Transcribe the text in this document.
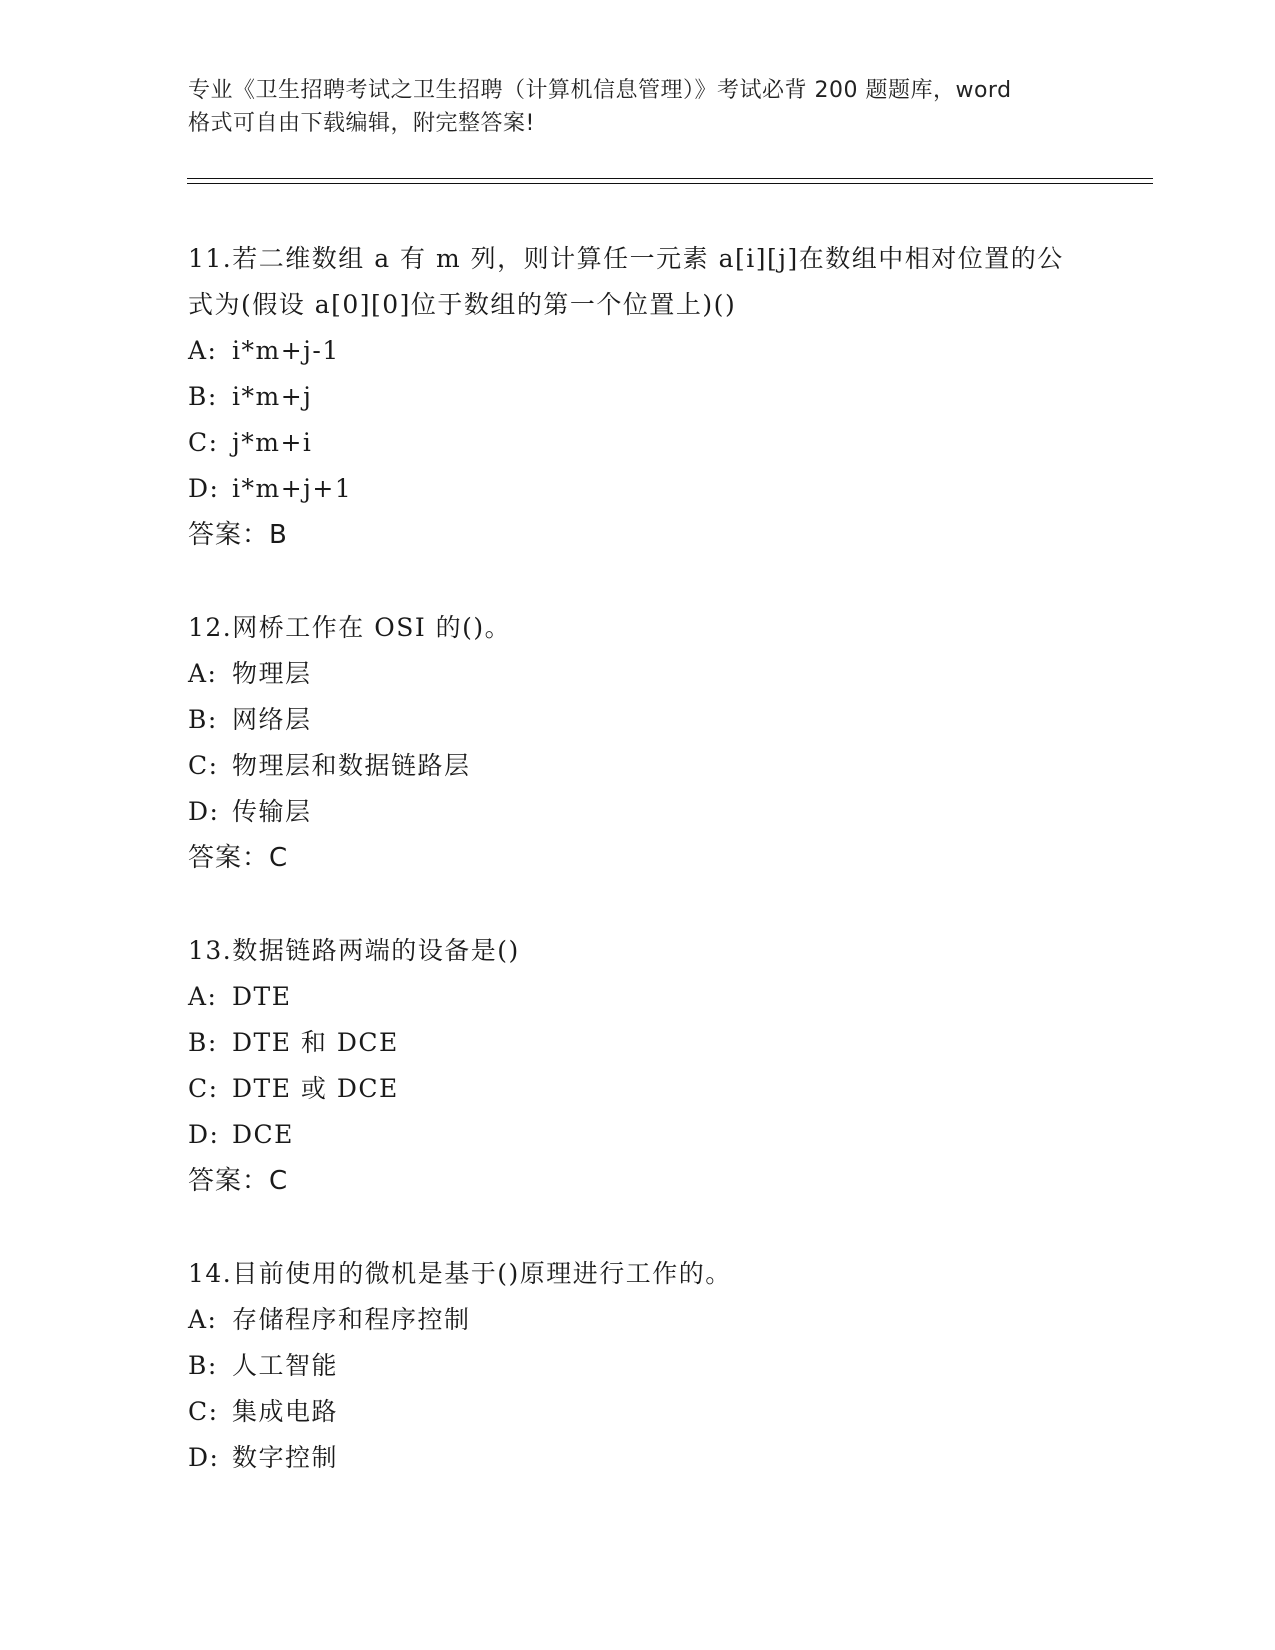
专业《卫生招聘考试之卫生招聘（计算机信息管理）》考试必背 200 题题库，word
格式可自由下载编辑，附完整答案!
11.若二维数组 a 有 m 列，则计算任一元素 a[i][j]在数组中相对位置的公式为(假设 a[0][0]位于数组的第一个位置上)()
A: i*m+j-1
B: i*m+j
C: j*m+i
D: i*m+j+1
答案：B
12.网桥工作在 OSI 的()。
A: 物理层
B: 网络层
C: 物理层和数据链路层
D: 传输层
答案：C
13.数据链路两端的设备是()
A: DTE
B: DTE 和 DCE
C: DTE 或 DCE
D: DCE
答案：C
14.目前使用的微机是基于()原理进行工作的。
A: 存储程序和程序控制
B: 人工智能
C: 集成电路
D: 数字控制
